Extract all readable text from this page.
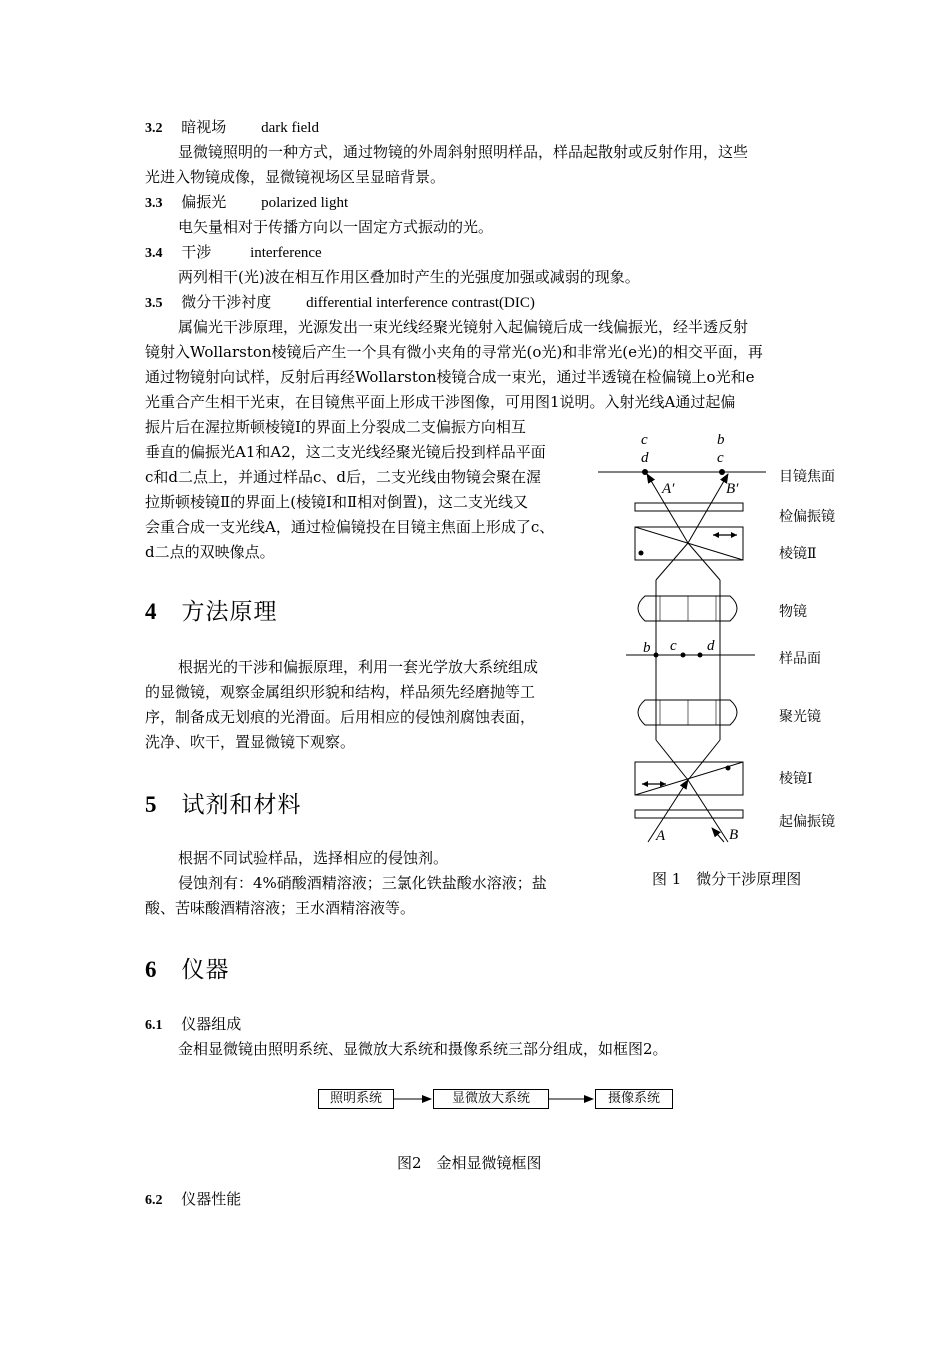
3.2 暗视场 dark field
显微镜照明的一种方式，通过物镜的外周斜射照明样品，样品起散射或反射作用，这些
光进入物镜成像，显微镜视场区呈显暗背景。
3.3 偏振光 polarized light
电矢量相对于传播方向以一固定方式振动的光。
3.4 干涉	interference
两列相干(光)波在相互作用区叠加时产生的光强度加强或减弱的现象。
3.5 微分干涉衬度 differential interference contrast(DIC)
属偏光干涉原理，光源发出一束光线经聚光镜射入起偏镜后成一线偏振光，经半透反射
镜射入Wollarston棱镜后产生一个具有微小夹角的寻常光(o光)和非常光(e光)的相交平面，再
通过物镜射向试样，反射后再经Wollarston棱镜合成一束光，通过半透镜在检偏镜上o光和e
光重合产生相干光束，在目镜焦平面上形成干涉图像，可用图1说明。入射光线A通过起偏
振片后在渥拉斯顿棱镜Ⅰ的界面上分裂成二支偏振方向相互
垂直的偏振光A1和A2，这二支光线经聚光镜后投到样品平面
c和d二点上，并通过样品c、d后，二支光线由物镜会聚在渥
拉斯顿棱镜Ⅱ的界面上(棱镜Ⅰ和Ⅱ相对倒置)，这二支光线又
会重合成一支光线A，通过检偏镜投在目镜主焦面上形成了c、
d二点的双映像点。
4 方法原理
根据光的干涉和偏振原理，利用一套光学放大系统组成
的显微镜，观察金属组织形貌和结构，样品须先经磨抛等工
序，制备成无划痕的光滑面。后用相应的侵蚀剂腐蚀表面，
洗净、吹干，置显微镜下观察。
5 试剂和材料
根据不同试验样品，选择相应的侵蚀剂。
侵蚀剂有：4%硝酸酒精溶液；三氯化铁盐酸水溶液；盐
酸、苦味酸酒精溶液；王水酒精溶液等。
6 仪器
6.1 仪器组成
金相显微镜由照明系统、显微放大系统和摄像系统三部分组成，如框图2。
照明系统	显微放大系统	摄像系统
图2　金相显微镜框图
6.2 仪器性能
c
d
b
c
A′	B′
b c d
A	B
目镜焦面
检偏振镜
棱镜Ⅱ
物镜
样品面
聚光镜
棱镜Ⅰ
起偏振镜
图 1　微分干涉原理图
